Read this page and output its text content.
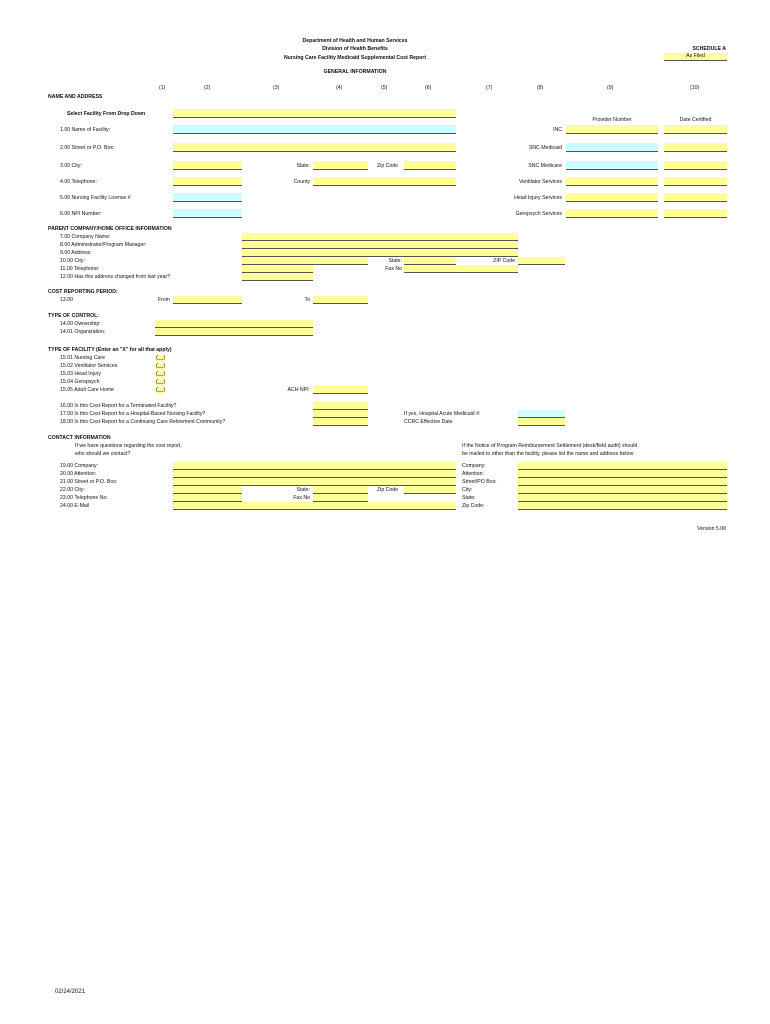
Department of Health and Human Services
Division of Health Benefits
Nursing Care Facility Medicaid Supplemental Cost Report
SCHEDULE A
As Filed
GENERAL INFORMATION
(1)	(2)	(3)	(4)	(5)	(6)	(7)	(8)	(9)	(10)
NAME AND ADDRESS
Select Facility From Drop Down
Provider Number	Date Certified
1.00 Name of Facility:	INC
2.00 Street or P.O. Box:	SNC Medicaid
3.00 City:	State:	Zip Code	SNC Medicare
4.00 Telephone:	County	Ventilator Services
5.00 Nursing Facility License #	Head Injury Services
6.00 NPI Number:	Geropsych Services
PARENT COMPANY/HOME OFFICE INFORMATION
7.00 Company Name:
8.00 Administrator/Program Manager:
9.00 Address:
10.00 City:	State:	ZIP Code
11.00 Telephone:	Fax No
12.00 Has this address changed from last year?
COST REPORTING PERIOD:
13.00	From	To
TYPE OF CONTROL:
14.00 Ownership:
14.01 Organization:
TYPE OF FACILITY (Enter an "X" for all that apply)
15.01 Nursing Care	(__)
15.02 Ventilator Services	(__)
15.03 Head Injury	(__)
15.04 Geropsych	(__)
15.05 Adult Care Home	(__)	ACH NPI:
16.00 Is this Cost Report for a Terminated Facility?
17.00 Is this Cost Report for a Hospital-Based Nursing Facility?	If yes, Hospital Acute Medicaid #:
18.00 Is this Cost Report for a Continuing Care Retirement Community?	CCRC Effective Date
CONTACT INFORMATION
If we have questions regarding the cost report,
who should we contact?
If the Notice of Program Reimbursement Settlement (desk/field audit) should
be mailed to other than the facility, please list the name and address below:
19.00 Company:
20.00 Attention:
21.00 Street or P.O. Box:
22.00 City:	State:	Zip Code
23.00 Telephone No:	Fax No
24.00 E-Mail
Company:
Attention:
Street/PO Box:
City:
State:
Zip Code:
Version 5.00
02/24/2021
